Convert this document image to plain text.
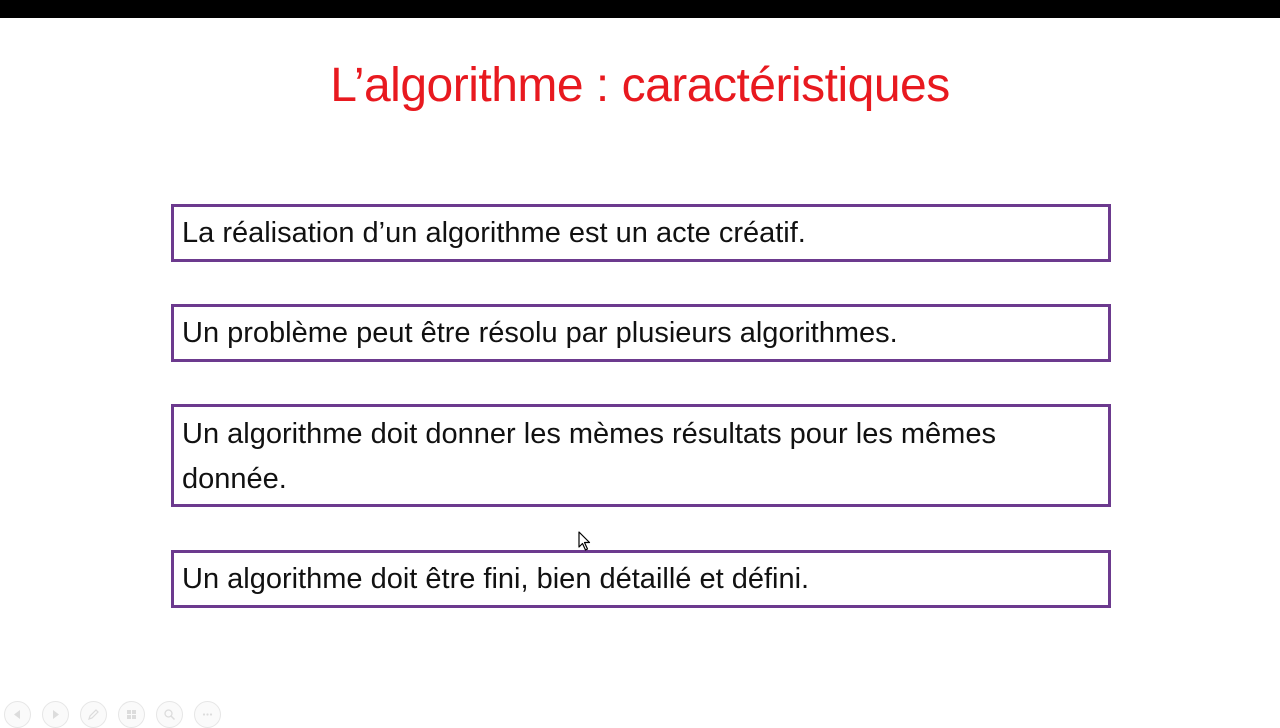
L’algorithme : caractéristiques
La réalisation d’un algorithme est un acte créatif.
Un problème peut être résolu par plusieurs algorithmes.
Un algorithme doit donner les mèmes résultats pour les mêmes donnée.
Un algorithme doit être fini, bien détaillé et défini.
